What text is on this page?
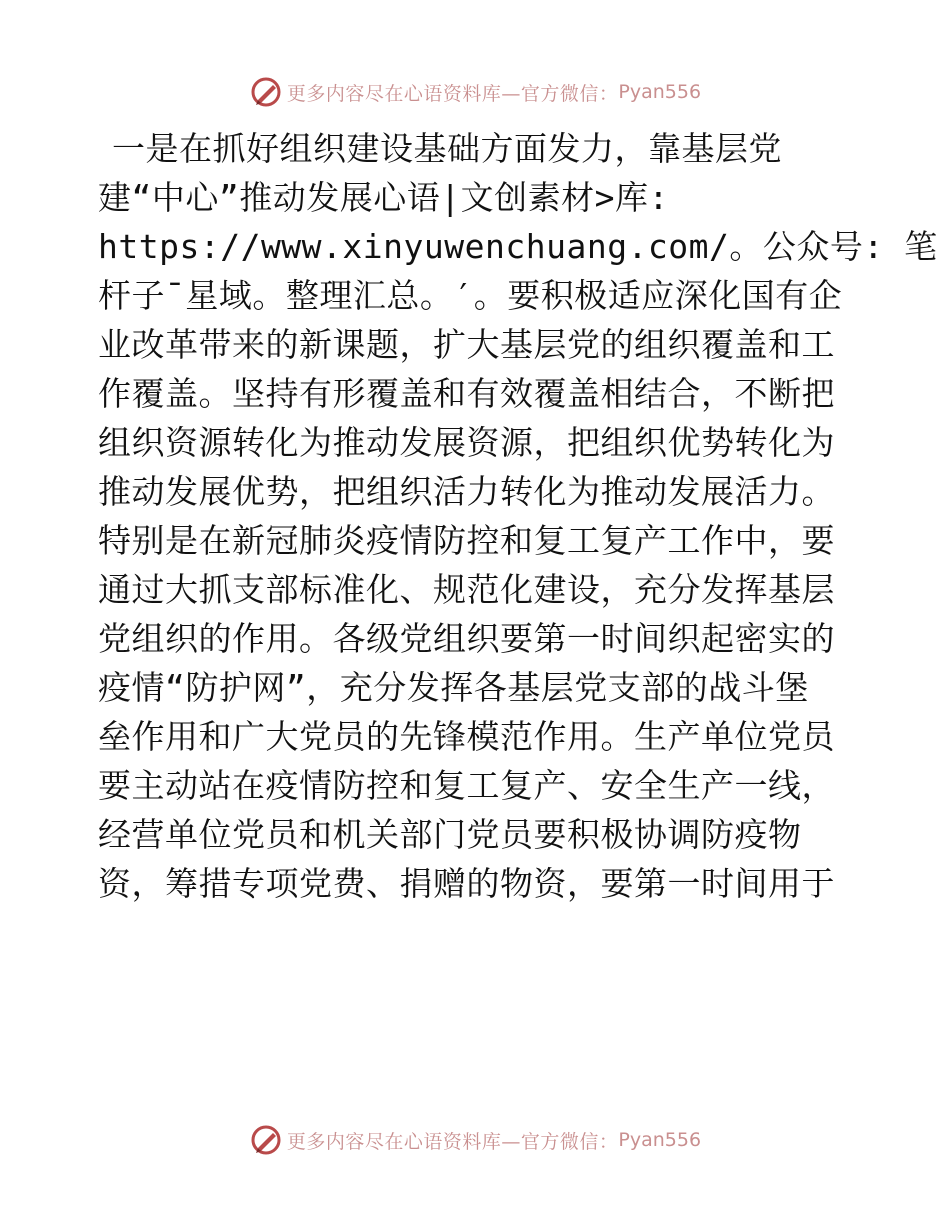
更多内容尽在心语资料库—官方微信： Pyan556
一是在抓好组织建设基础方面发力，靠基层党
建“中心”推动发展心语|文创素材>库:
https://www.xinyuwenchuang.com/。公众号: 笔
杆子¯星域。整理汇总。′。要积极适应深化国有企
业改革带来的新课题，扩大基层党的组织覆盖和工
作覆盖。坚持有形覆盖和有效覆盖相结合，不断把
组织资源转化为推动发展资源，把组织优势转化为
推动发展优势，把组织活力转化为推动发展活力。
特别是在新冠肺炎疫情防控和复工复产工作中，要
通过大抓支部标准化、规范化建设，充分发挥基层
党组织的作用。各级党组织要第一时间织起密实的
疫情“防护网”，充分发挥各基层党支部的战斗堡
垒作用和广大党员的先锋模范作用。生产单位党员
要主动站在疫情防控和复工复产、安全生产一线，
经营单位党员和机关部门党员要积极协调防疫物
资，筹措专项党费、捐赠的物资，要第一时间用于
更多内容尽在心语资料库—官方微信： Pyan556
